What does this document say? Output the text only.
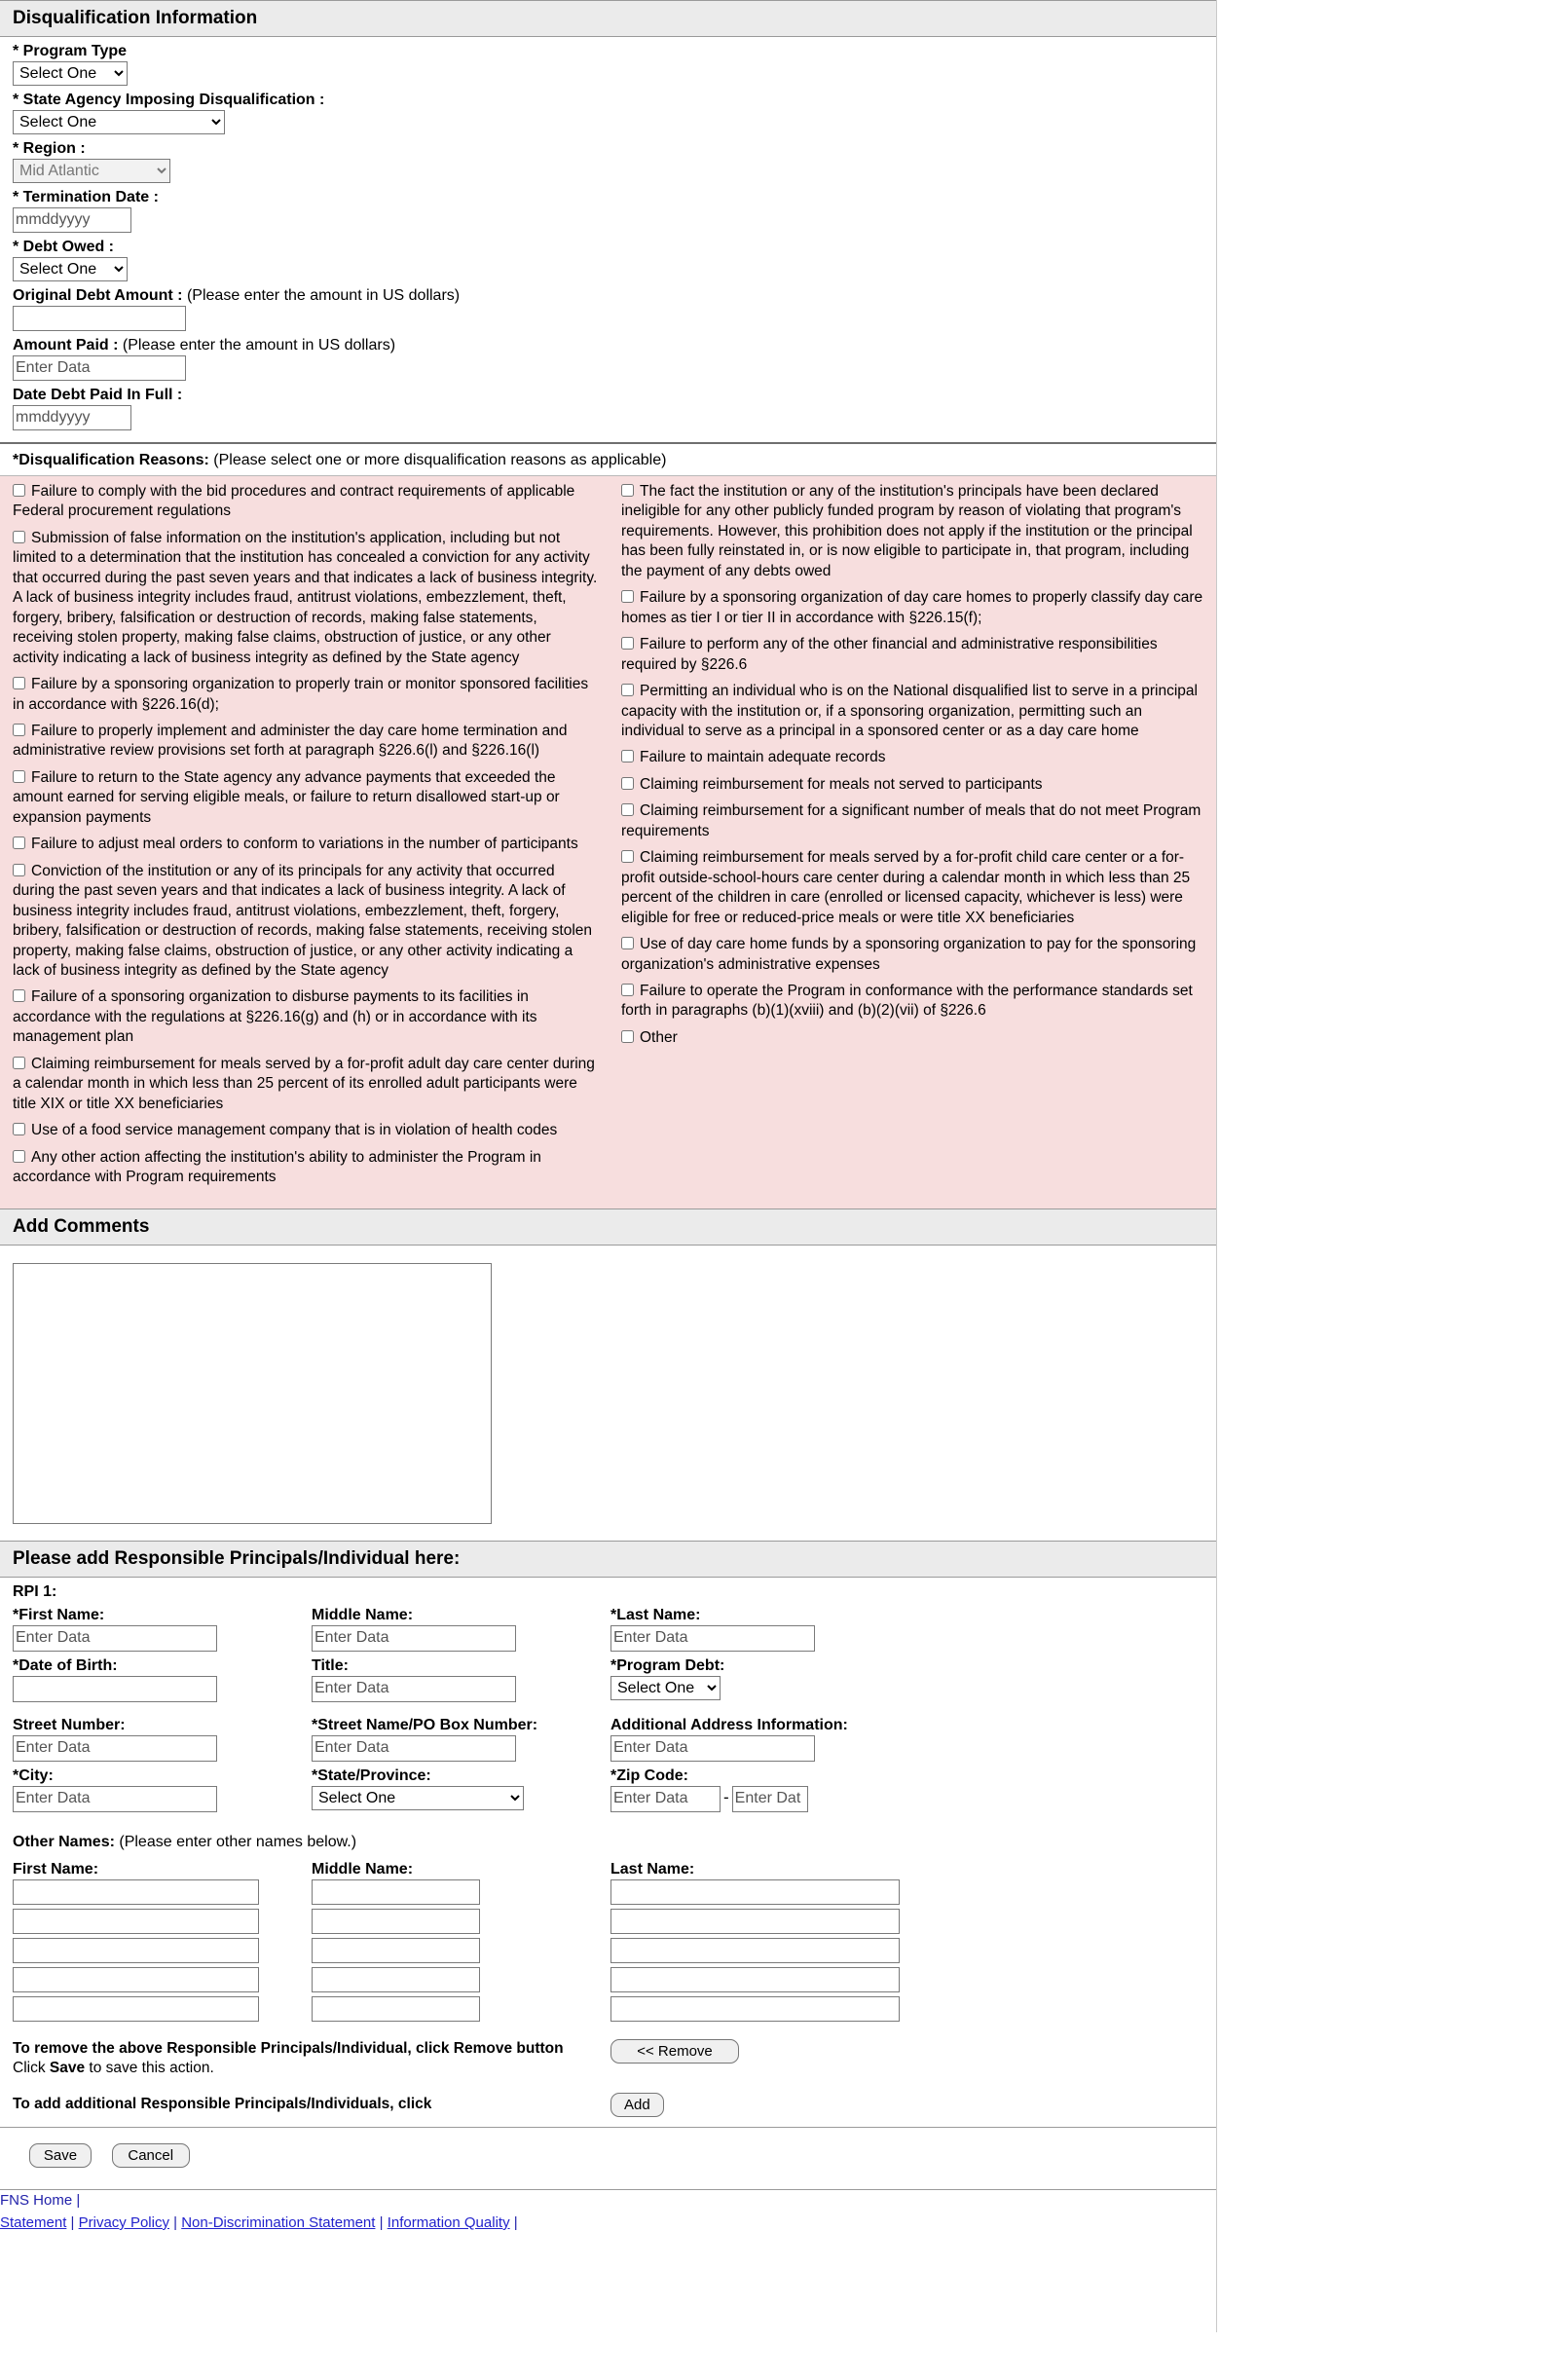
Disqualification Information
* Program Type
Select One
* State Agency Imposing Disqualification :
Select One
* Region :
Mid Atlantic
* Termination Date :
mmddyyyy
* Debt Owed :
Select One
Original Debt Amount : (Please enter the amount in US dollars)
Amount Paid : (Please enter the amount in US dollars)
Enter Data
Date Debt Paid In Full :
mmddyyyy
*Disqualification Reasons: (Please select one or more disqualification reasons as applicable)
Failure to comply with the bid procedures and contract requirements of applicable Federal procurement regulations
Submission of false information on the institution's application, including but not limited to a determination that the institution has concealed a conviction for any activity that occurred during the past seven years and that indicates a lack of business integrity. A lack of business integrity includes fraud, antitrust violations, embezzlement, theft, forgery, bribery, falsification or destruction of records, making false statements, receiving stolen property, making false claims, obstruction of justice, or any other activity indicating a lack of business integrity as defined by the State agency
Failure by a sponsoring organization to properly train or monitor sponsored facilities in accordance with §226.16(d);
Failure to properly implement and administer the day care home termination and administrative review provisions set forth at paragraph §226.6(l) and §226.16(l)
Failure to return to the State agency any advance payments that exceeded the amount earned for serving eligible meals, or failure to return disallowed start-up or expansion payments
Failure to adjust meal orders to conform to variations in the number of participants
Conviction of the institution or any of its principals for any activity that occurred during the past seven years and that indicates a lack of business integrity. A lack of business integrity includes fraud, antitrust violations, embezzlement, theft, forgery, bribery, falsification or destruction of records, making false statements, receiving stolen property, making false claims, obstruction of justice, or any other activity indicating a lack of business integrity as defined by the State agency
Failure of a sponsoring organization to disburse payments to its facilities in accordance with the regulations at §226.16(g) and (h) or in accordance with its management plan
Claiming reimbursement for meals served by a for-profit adult day care center during a calendar month in which less than 25 percent of its enrolled adult participants were title XIX or title XX beneficiaries
Use of a food service management company that is in violation of health codes
Any other action affecting the institution's ability to administer the Program in accordance with Program requirements
The fact the institution or any of the institution's principals have been declared ineligible for any other publicly funded program by reason of violating that program's requirements. However, this prohibition does not apply if the institution or the principal has been fully reinstated in, or is now eligible to participate in, that program, including the payment of any debts owed
Failure by a sponsoring organization of day care homes to properly classify day care homes as tier I or tier II in accordance with §226.15(f);
Failure to perform any of the other financial and administrative responsibilities required by §226.6
Permitting an individual who is on the National disqualified list to serve in a principal capacity with the institution or, if a sponsoring organization, permitting such an individual to serve as a principal in a sponsored center or as a day care home
Failure to maintain adequate records
Claiming reimbursement for meals not served to participants
Claiming reimbursement for a significant number of meals that do not meet Program requirements
Claiming reimbursement for meals served by a for-profit child care center or a for-profit outside-school-hours care center during a calendar month in which less than 25 percent of the children in care (enrolled or licensed capacity, whichever is less) were eligible for free or reduced-price meals or were title XX beneficiaries
Use of day care home funds by a sponsoring organization to pay for the sponsoring organization's administrative expenses
Failure to operate the Program in conformance with the performance standards set forth in paragraphs (b)(1)(xviii) and (b)(2)(vii) of §226.6
Other
Add Comments
Please add Responsible Principals/Individual here:
RPI 1:
*First Name:
Enter Data	Middle Name:
Enter Data	*Last Name:
Enter Data
*Date of Birth:	Title:
Enter Data	*Program Debt:
Select One
Street Number:
Enter Data	*Street Name/PO Box Number:
Enter Data	Additional Address Information:
Enter Data
*City:
Enter Data	*State/Province:
Select One	*Zip Code:
Enter Data-Enter Dat
Other Names: (Please enter other names below.)
First Name:	Middle Name:	Last Name:
To remove the above Responsible Principals/Individual, click Remove button
Click Save to save this action.
<< Remove
To add additional Responsible Principals/Individuals, click	Add
Save	Cancel
FNS Home |
Statement | Privacy Policy | Non-Discrimination Statement | Information Quality |
